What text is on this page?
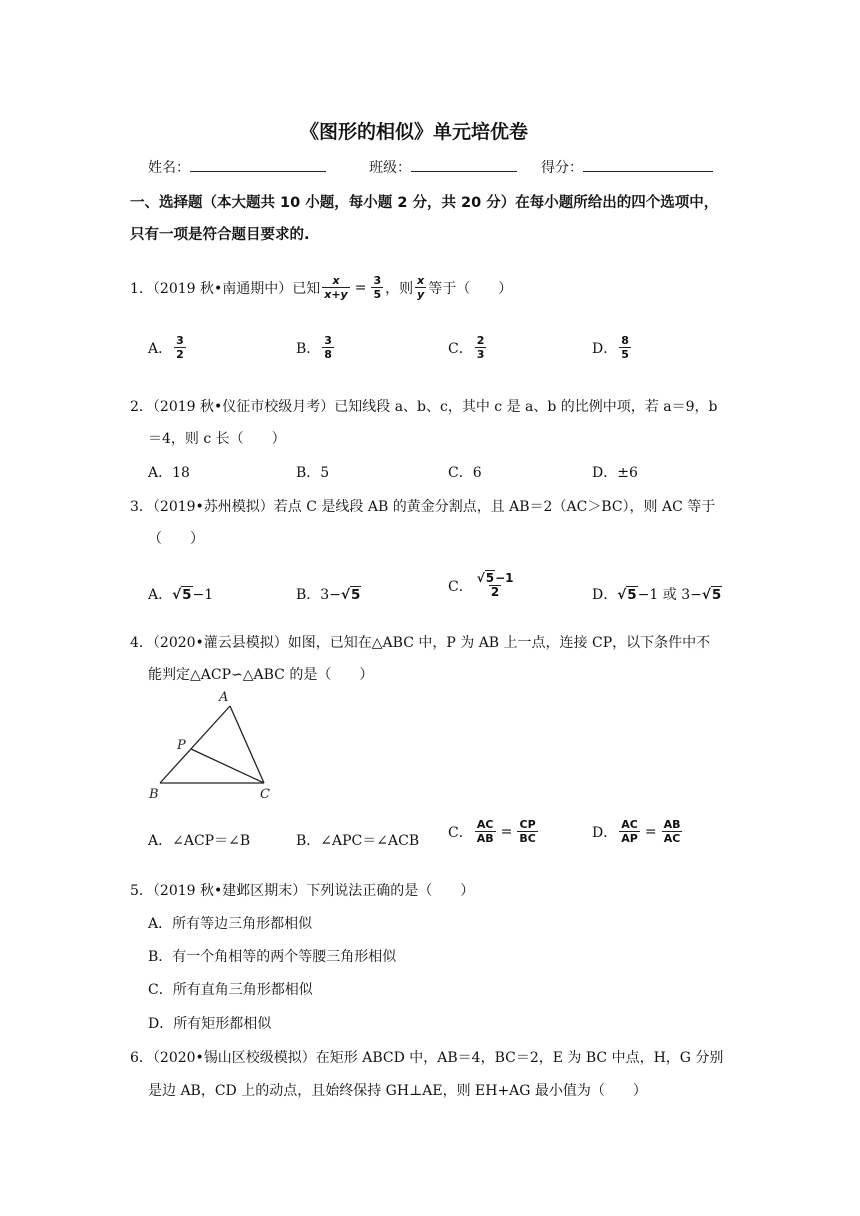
《图形的相似》单元培优卷
姓名：	班级：	得分：
一、选择题（本大题共 10 小题，每小题 2 分，共 20 分）在每小题所给出的四个选项中，
只有一项是符合题目要求的.
1．（2019 秋•南通期中）已知 $\frac{x}{x+y} = \frac{3}{5}$ ，则 $\frac{x}{y}$ 等于（　　）
A． $\frac{3}{2}$	B． $\frac{3}{8}$	C． $\frac{2}{3}$	D． $\frac{8}{5}$
2．（2019 秋•仪征市校级月考）已知线段 a、b、c，其中 c 是 a、b 的比例中项，若 a＝9，b
＝4，则 c 长（　　）
A．18	B．5	C．6	D．±6
3．（2019•苏州模拟）若点 C 是线段 AB 的黄金分割点，且 AB＝2（AC＞BC），则 AC 等于
（　　）
A．√5−1	B．3−√5
C． $\frac{√5-1}{2}$	D．√5−1 或 3−√5
4．（2020•灌云县模拟）如图，已知在△ABC 中，P 为 AB 上一点，连接 CP，以下条件中不
能判定△ACP∽△ABC 的是（　　）
A
P
B	C
A．∠ACP＝∠B	B．∠APC＝∠ACB
C． $\frac{AC}{AB} = \frac{CP}{BC}$	D． $\frac{AC}{AP} = \frac{AB}{AC}$
5．（2019 秋•建邺区期末）下列说法正确的是（　　）
A．所有等边三角形都相似
B．有一个角相等的两个等腰三角形相似
C．所有直角三角形都相似
D．所有矩形都相似
6．（2020•锡山区校级模拟）在矩形 ABCD 中，AB＝4，BC＝2，E 为 BC 中点，H，G 分别
是边 AB，CD 上的动点，且始终保持 GH⊥AE，则 EH+AG 最小值为（　　）
